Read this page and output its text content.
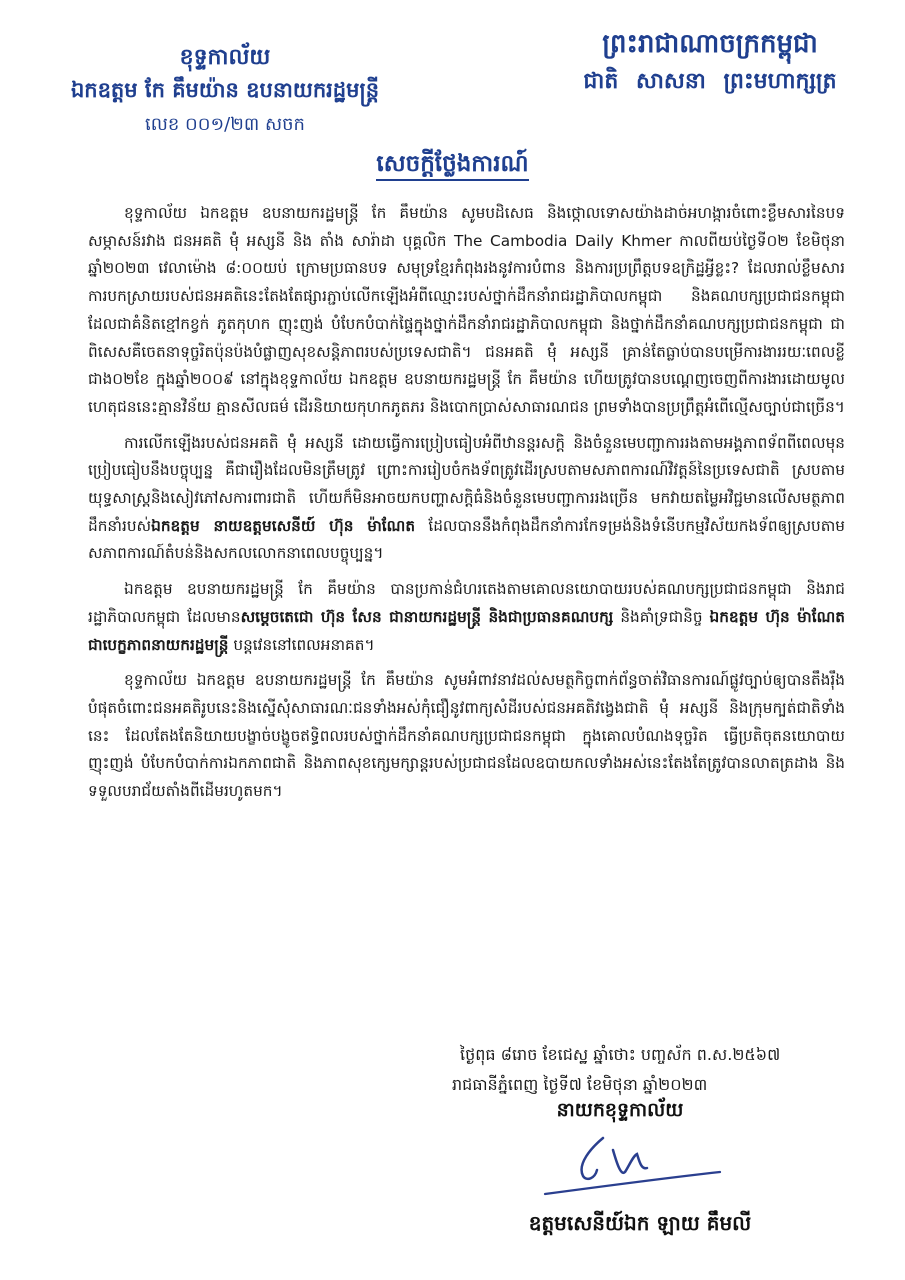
ខុទ្ទកាល័យ
ឯកឧត្តម កែ គឹមយ៉ាន ឧបនាយករដ្ឋមន្ត្រី
លេខ ០០១/២៣ សចក
ព្រះរាជាណាចក្រកម្ពុជា
ជាតិ សាសនា ព្រះមហាក្សត្រ
សេចក្តីថ្លែងការណ៍

ខុទ្ទកាល័យ ឯកឧត្តម ឧបនាយករដ្ឋមន្ត្រី កែ គឹមយ៉ាន សូមបដិសេធ និងថ្កោលទោសយ៉ាងដាច់អហង្ការចំពោះខ្លឹមសារនៃបទសម្ភាសន៍រវាង ជនអគតិ ម៉ុំ អស្សនី និង តាំង សារ៉ាដា បុគ្គលិក The Cambodia Daily Khmer កាលពីយប់ថ្ងៃទី០២ ខែមិថុនា ឆ្នាំ២០២៣ វេលាម៉ោង ៨:០០យប់ ក្រោមប្រធានបទ សមុទ្រខ្មែរកំពុងរងនូវការបំពាន និងការប្រព្រឹត្តបទឧក្រិដ្ឋអ្វីខ្លះ? ដែលរាល់ខ្លឹមសារការបកស្រាយរបស់ជនអគតិនេះតែងតែផ្សារភ្ជាប់លើកឡើងអំពីឈ្មោះរបស់ថ្នាក់ដឹកនាំរាជរដ្ឋាភិបាលកម្ពុជា និងគណបក្សប្រជាជនកម្ពុជា ដែលជាគំនិតខ្មៅកខ្វក់ ភូតកុហក ញុះញង់ បំបែកបំបាក់ផ្ទៃក្នុងថ្នាក់ដឹកនាំរាជរដ្ឋាភិបាលកម្ពុជា និងថ្នាក់ដឹកនាំគណបក្សប្រជាជនកម្ពុជា ជាពិសេសគឺចេតនាទុច្ចរិតប៉ុនប៉ងបំផ្លាញសុខសន្តិភាពរបស់ប្រទេសជាតិ។ ជនអគតិ ម៉ុំ អស្សនី គ្រាន់តែធ្លាប់បានបម្រើការងាររយៈពេលខ្លីជាង០២ខែ ក្នុងឆ្នាំ២០០៩ នៅក្នុងខុទ្ទកាល័យ ឯកឧត្តម ឧបនាយករដ្ឋមន្ត្រី កែ គឹមយ៉ាន ហើយត្រូវបានបណ្តេញចេញពីការងារដោយមូលហេតុជននេះគ្មានវិន័យ គ្មានសីលធម៌ ដើរនិយាយកុហកភូតភរ និងបោកប្រាស់សាធារណជន ព្រមទាំងបានប្រព្រឹត្តអំពើល្មើសច្បាប់ជាច្រើន។

ការលើកឡើងរបស់ជនអគតិ ម៉ុំ អស្សនី ដោយធ្វើការប្រៀបធៀបអំពីឋានន្តរសក្តិ និងចំនួនមេបញ្ជាការរងតាមអង្គភាពទ័ពពីពេលមុនប្រៀបធៀបនឹងបច្ចុប្បន្ន គឺជារឿងដែលមិនត្រឹមត្រូវ ព្រោះការរៀបចំកងទ័ពត្រូវដើរស្របតាមសភាពការណ៍វិវត្តន៍នៃប្រទេសជាតិ ស្របតាមយុទ្ធសាស្ត្រនិងសៀវភៅសការពារជាតិ ហើយក៏មិនអាចយកបញ្ហាសក្តិធំនិងចំនួនមេបញ្ជាការរងច្រើន មកវាយតម្លៃអវិជ្ជមានលើសមត្ថភាពដឹកនាំរបស់ឯកឧត្តម នាយឧត្តមសេនីយ៍ ហ៊ុន ម៉ាណែត ដែលបាននឹងកំពុងដឹកនាំការកែទម្រង់និងទំនើបកម្មវិស័យកងទ័ពឲ្យស្របតាមសភាពការណ៍តំបន់និងសកលលោកនាពេលបច្ចុប្បន្ន។

ឯកឧត្តម ឧបនាយករដ្ឋមន្ត្រី កែ គឹមយ៉ាន បានប្រកាន់ជំហរតេងតាមគោលនយោបាយរបស់គណបក្សប្រជាជនកម្ពុជា និងរាជរដ្ឋាភិបាលកម្ពុជា ដែលមានសម្តេចតេជោ ហ៊ុន សែន ជានាយករដ្ឋមន្ត្រី និងជាប្រធានគណបក្ស និងគាំទ្រជានិច្ច ឯកឧត្តម ហ៊ុន ម៉ាណែត ជាបេក្ខភាពនាយករដ្ឋមន្ត្រី បន្តវេននៅពេលអនាគត។

ខុទ្ទកាល័យ ឯកឧត្តម ឧបនាយករដ្ឋមន្ត្រី កែ គឹមយ៉ាន សូមអំពាវនាវដល់សមត្ថកិច្ចពាក់ព័ន្ធចាត់វិធានការណ៍ផ្លូវច្បាប់ឲ្យបានតឹងរ៉ឹងបំផុតចំពោះជនអគតិរូបនេះនិងស្នើសុំសាធារណៈជនទាំងអស់កុំជឿនូវពាក្យសំដីរបស់ជនអគតិវង្វេងជាតិ ម៉ុំ អស្សនី និងក្រុមក្បត់ជាតិទាំងនេះ ដែលតែងតែនិយាយបង្ខាច់បង្ខូចឥទ្ធិពលរបស់ថ្នាក់ដឹកនាំគណបក្សប្រជាជនកម្ពុជា ក្នុងគោលបំណងទុច្ចរិត ធ្វើប្រតិចុតនយោបាយ ញុះញង់ បំបែកបំបាក់ការឯកភាពជាតិ និងភាពសុខក្សេមក្សាន្តរបស់ប្រជាជនដែលឧបាយកលទាំងអស់នេះតែងតែត្រូវបានលាតត្រដាង និងទទួលបរាជ័យតាំងពីដើមរហូតមក។

ថ្ងៃពុធ ៨រោច ខែជេស្ឋ ឆ្នាំថោះ បញ្ចស័ក ព.ស.២៥៦៧
រាជធានីភ្នំពេញ ថ្ងៃទី៧ ខែមិថុនា ឆ្នាំ២០២៣
នាយកខុទ្ទកាល័យ
ឧត្តមសេនីយ៍ឯក ឡាយ គឹមលី
